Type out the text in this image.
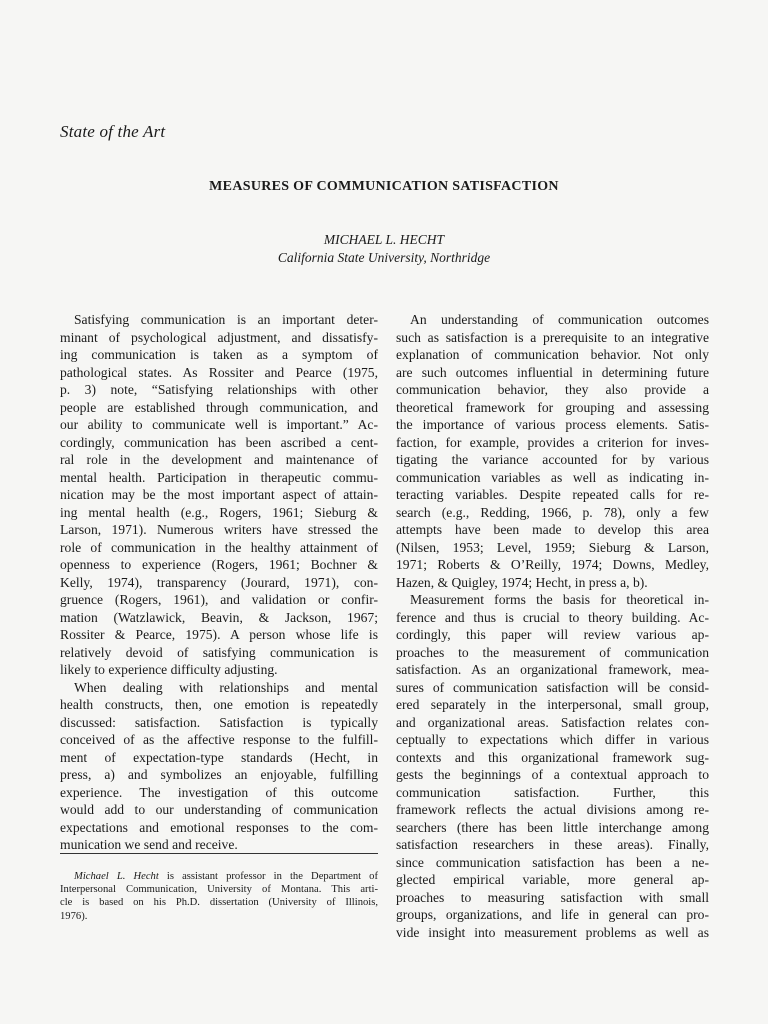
State of the Art
MEASURES OF COMMUNICATION SATISFACTION
MICHAEL L. HECHT
California State University, Northridge
Satisfying communication is an important deter-
minant of psychological adjustment, and dissatisfy-
ing communication is taken as a symptom of
pathological states. As Rossiter and Pearce (1975,
p. 3) note, “Satisfying relationships with other
people are established through communication, and
our ability to communicate well is important.” Ac-
cordingly, communication has been ascribed a cent-
ral role in the development and maintenance of
mental health. Participation in therapeutic commu-
nication may be the most important aspect of attain-
ing mental health (e.g., Rogers, 1961; Sieburg &
Larson, 1971). Numerous writers have stressed the
role of communication in the healthy attainment of
openness to experience (Rogers, 1961; Bochner &
Kelly, 1974), transparency (Jourard, 1971), con-
gruence (Rogers, 1961), and validation or confir-
mation (Watzlawick, Beavin, & Jackson, 1967;
Rossiter & Pearce, 1975). A person whose life is
relatively devoid of satisfying communication is
likely to experience difficulty adjusting.
When dealing with relationships and mental
health constructs, then, one emotion is repeatedly
discussed: satisfaction. Satisfaction is typically
conceived of as the affective response to the fulfill-
ment of expectation-type standards (Hecht, in
press, a) and symbolizes an enjoyable, fulfilling
experience. The investigation of this outcome
would add to our understanding of communication
expectations and emotional responses to the com-
munication we send and receive.
An understanding of communication outcomes
such as satisfaction is a prerequisite to an integrative
explanation of communication behavior. Not only
are such outcomes influential in determining future
communication behavior, they also provide a
theoretical framework for grouping and assessing
the importance of various process elements. Satis-
faction, for example, provides a criterion for inves-
tigating the variance accounted for by various
communication variables as well as indicating in-
teracting variables. Despite repeated calls for re-
search (e.g., Redding, 1966, p. 78), only a few
attempts have been made to develop this area
(Nilsen, 1953; Level, 1959; Sieburg & Larson,
1971; Roberts & O’Reilly, 1974; Downs, Medley,
Hazen, & Quigley, 1974; Hecht, in press a, b).
Measurement forms the basis for theoretical in-
ference and thus is crucial to theory building. Ac-
cordingly, this paper will review various ap-
proaches to the measurement of communication
satisfaction. As an organizational framework, mea-
sures of communication satisfaction will be consid-
ered separately in the interpersonal, small group,
and organizational areas. Satisfaction relates con-
ceptually to expectations which differ in various
contexts and this organizational framework sug-
gests the beginnings of a contextual approach to
communication satisfaction. Further, this
framework reflects the actual divisions among re-
searchers (there has been little interchange among
satisfaction researchers in these areas). Finally,
since communication satisfaction has been a ne-
glected empirical variable, more general ap-
proaches to measuring satisfaction with small
groups, organizations, and life in general can pro-
vide insight into measurement problems as well as
Michael L. Hecht is assistant professor in the Department of
Interpersonal Communication, University of Montana. This arti-
cle is based on his Ph.D. dissertation (University of Illinois,
1976).
